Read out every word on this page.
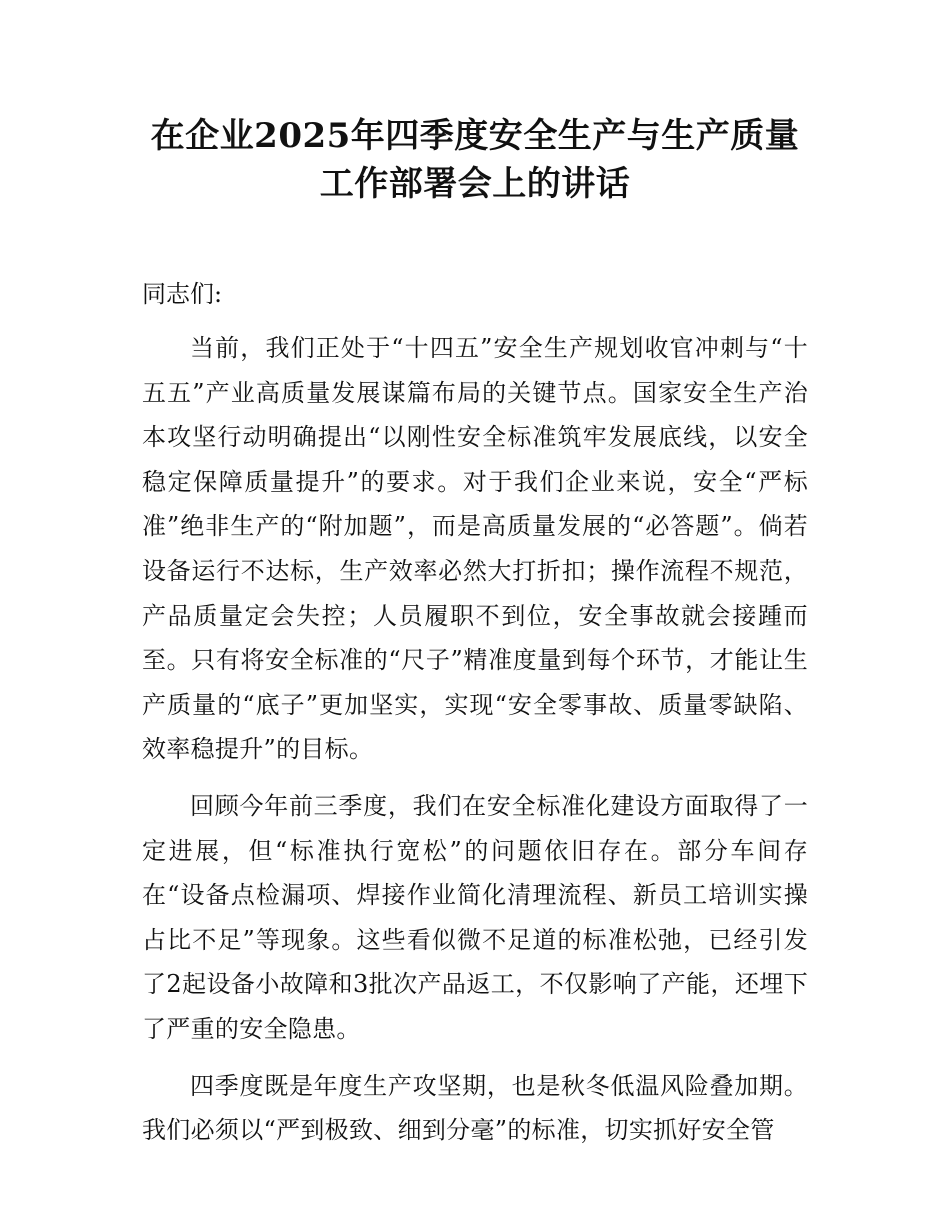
在企业2025年四季度安全生产与生产质量工作部署会上的讲话

同志们:

当前，我们正处于“十四五”安全生产规划收官冲刺与“十五五”产业高质量发展谋篇布局的关键节点。国家安全生产治本攻坚行动明确提出“以刚性安全标准筑牢发展底线，以安全稳定保障质量提升”的要求。对于我们企业来说，安全“严标准”绝非生产的“附加题”，而是高质量发展的“必答题”。倘若设备运行不达标，生产效率必然大打折扣；操作流程不规范，产品质量定会失控；人员履职不到位，安全事故就会接踵而至。只有将安全标准的“尺子”精准度量到每个环节，才能让生产质量的“底子”更加坚实，实现“安全零事故、质量零缺陷、效率稳提升”的目标。

回顾今年前三季度，我们在安全标准化建设方面取得了一定进展，但“标准执行宽松”的问题依旧存在。部分车间存在“设备点检漏项、焊接作业简化清理流程、新员工培训实操占比不足”等现象。这些看似微不足道的标准松弛，已经引发了2起设备小故障和3批次产品返工，不仅影响了产能，还埋下了严重的安全隐患。

四季度既是年度生产攻坚期，也是秋冬低温风险叠加期。我们必须以“严到极致、细到分毫”的标准，切实抓好安全管
